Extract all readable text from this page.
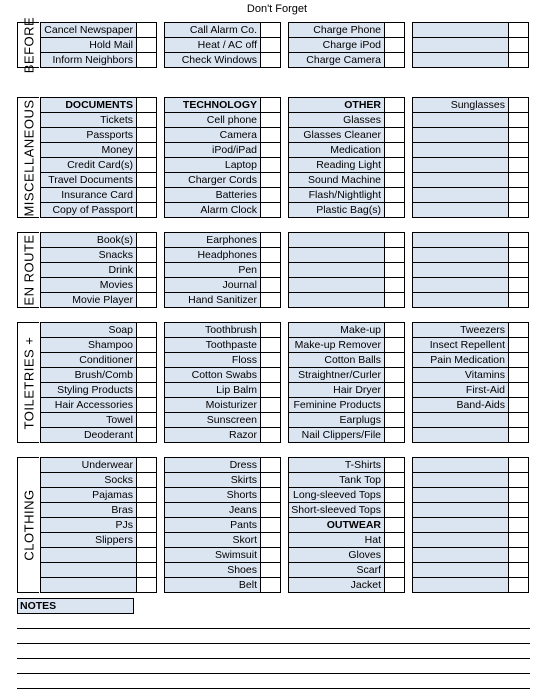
Don't Forget
BEFORE Cancel Newspaper
Hold Mail
Inform Neighbors
Call Alarm Co.
Heat / AC off
Check Windows
Charge Phone
Charge iPod
Charge Camera
MISCELLANEOUS	DOCUMENTS
Tickets
Passports
Money
Credit Card(s)
Travel Documents
Insurance Card
Copy of Passport
TECHNOLOGY
Cell phone
Camera
iPod/iPad
Laptop
Charger Cords
Batteries
Alarm Clock
OTHER
Glasses
Glasses Cleaner
Medication
Reading Light
Sound Machine
Flash/Nightlight
Plastic Bag(s)
Sunglasses
EN ROUTE	Book(s)
Snacks
Drink
Movies
Movie Player
Earphones
Headphones
Pen
Journal
Hand Sanitizer
TOILETRIES +
Soap
Shampoo
Conditioner
Brush/Comb
Styling Products
Hair Accessories
Towel
Deoderant
Toothbrush
Toothpaste
Floss
Cotton Swabs
Lip Balm
Moisturizer
Sunscreen
Razor
Make-up
Make-up Remover
Cotton Balls
Straightner/Curler
Hair Dryer
Feminine Products
Earplugs
Nail Clippers/File
Tweezers
Insect Repellent
Pain Medication
Vitamins
First-Aid
Band-Aids
CLOTHING
Underwear
Socks
Pajamas
Bras
PJs
Slippers
Dress
Skirts
Shorts
Jeans
Pants
Skort
Swimsuit
Shoes
Belt
T-Shirts
Tank Top
Long-sleeved Tops
Short-sleeved Tops
OUTWEAR
Hat
Gloves
Scarf
Jacket
NOTES
